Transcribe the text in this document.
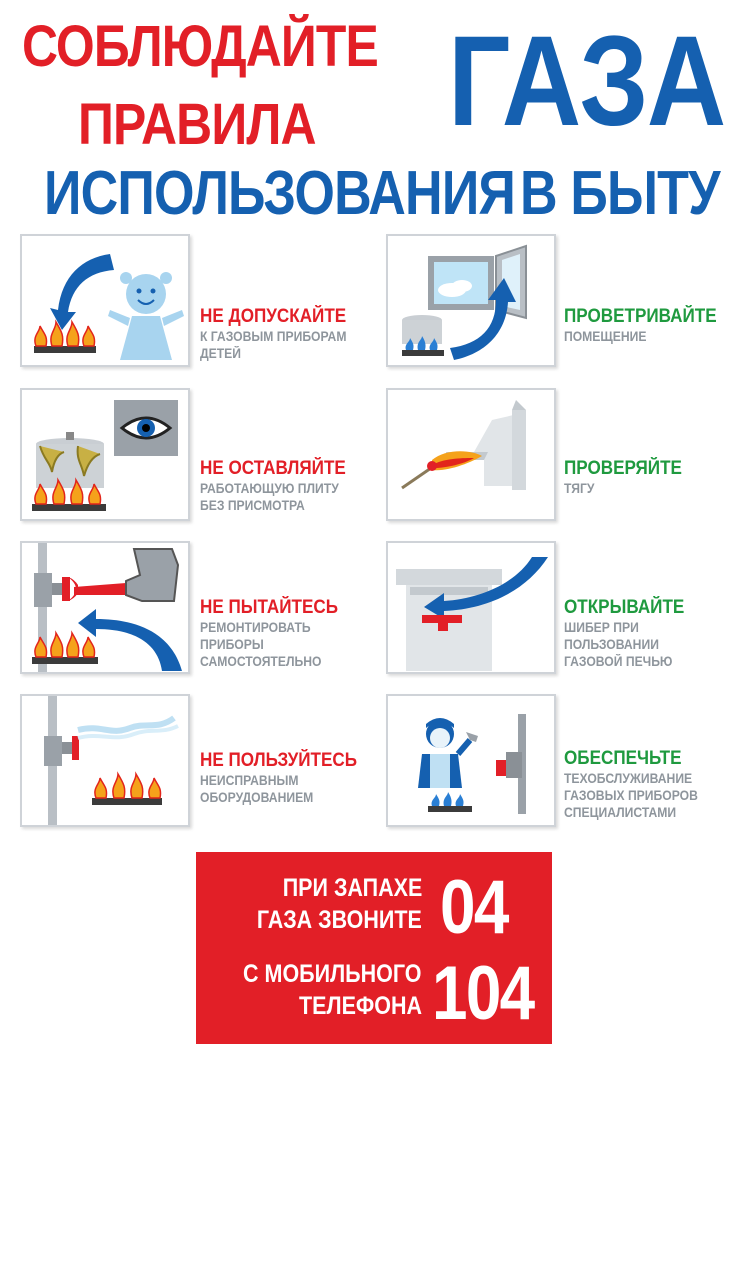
СОБЛЮДАЙТЕ
ПРАВИЛА ГАЗА
ИСПОЛЬЗОВАНИЯ В БЫТУ
НЕ ДОПУСКАЙТЕ
К ГАЗОВЫМ ПРИБОРАМ
ДЕТЕЙ
НЕ ОСТАВЛЯЙТЕ
РАБОТАЮЩУЮ ПЛИТУ
БЕЗ ПРИСМОТРА
НЕ ПЫТАЙТЕСЬ
РЕМОНТИРОВАТЬ
ПРИБОРЫ
САМОСТОЯТЕЛЬНО
НЕ ПОЛЬЗУЙТЕСЬ
НЕИСПРАВНЫМ
ОБОРУДОВАНИЕМ
ПРОВЕТРИВАЙТЕ
ПОМЕЩЕНИЕ
ПРОВЕРЯЙТЕ
ТЯГУ
ОТКРЫВАЙТЕ
ШИБЕР ПРИ
ПОЛЬЗОВАНИИ
ГАЗОВОЙ ПЕЧЬЮ
ОБЕСПЕЧЬТЕ
ТЕХОБСЛУЖИВАНИЕ
ГАЗОВЫХ ПРИБОРОВ
СПЕЦИАЛИСТАМИ
ПРИ ЗАПАХЕ
ГАЗА ЗВОНИТЕ 04
С МОБИЛЬНОГО
ТЕЛЕФОНА 104
